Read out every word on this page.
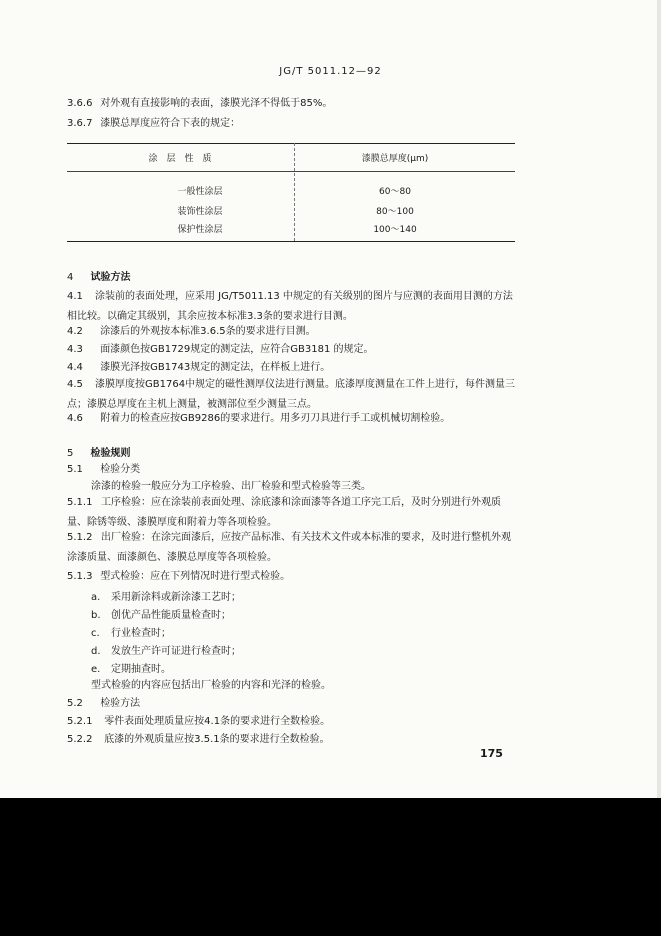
JG/T 5011.12—92
3.6.6 对外观有直接影响的表面，漆膜光泽不得低于85%。
3.6.7 漆膜总厚度应符合下表的规定：
涂　层　性　质	漆膜总厚度(μm)
一般性涂层	60～80
装饰性涂层	80～100
保护性涂层	100～140
4 试验方法
4.1 涂装前的表面处理，应采用 JG/T5011.13 中规定的有关级别的图片与应测的表面用目测的方法相比较。以确定其级别，其余应按本标准3.3条的要求进行目测。
4.2 涂漆后的外观按本标准3.6.5条的要求进行目测。
4.3 面漆颜色按GB1729规定的测定法，应符合GB3181 的规定。
4.4 漆膜光泽按GB1743规定的测定法，在样板上进行。
4.5 漆膜厚度按GB1764中规定的磁性测厚仪法进行测量。底漆厚度测量在工件上进行，每件测量三点；漆膜总厚度在主机上测量，被测部位至少测量三点。
4.6 附着力的检查应按GB9286的要求进行。用多刃刀具进行手工或机械切割检验。
5 检验规则
5.1 检验分类
涂漆的检验一般应分为工序检验、出厂检验和型式检验等三类。
5.1.1 工序检验：应在涂装前表面处理、涂底漆和涂面漆等各道工序完工后，及时分别进行外观质量、除锈等级、漆膜厚度和附着力等各项检验。
5.1.2 出厂检验：在涂完面漆后，应按产品标准、有关技术文件或本标准的要求，及时进行整机外观涂漆质量、面漆颜色、漆膜总厚度等各项检验。
5.1.3 型式检验：应在下列情况时进行型式检验。
a. 采用新涂料或新涂漆工艺时；
b. 创优产品性能质量检查时；
c. 行业检查时；
d. 发放生产许可证进行检查时；
e. 定期抽查时。
型式检验的内容应包括出厂检验的内容和光泽的检验。
5.2 检验方法
5.2.1 零件表面处理质量应按4.1条的要求进行全数检验。
5.2.2 底漆的外观质量应按3.5.1条的要求进行全数检验。
175
